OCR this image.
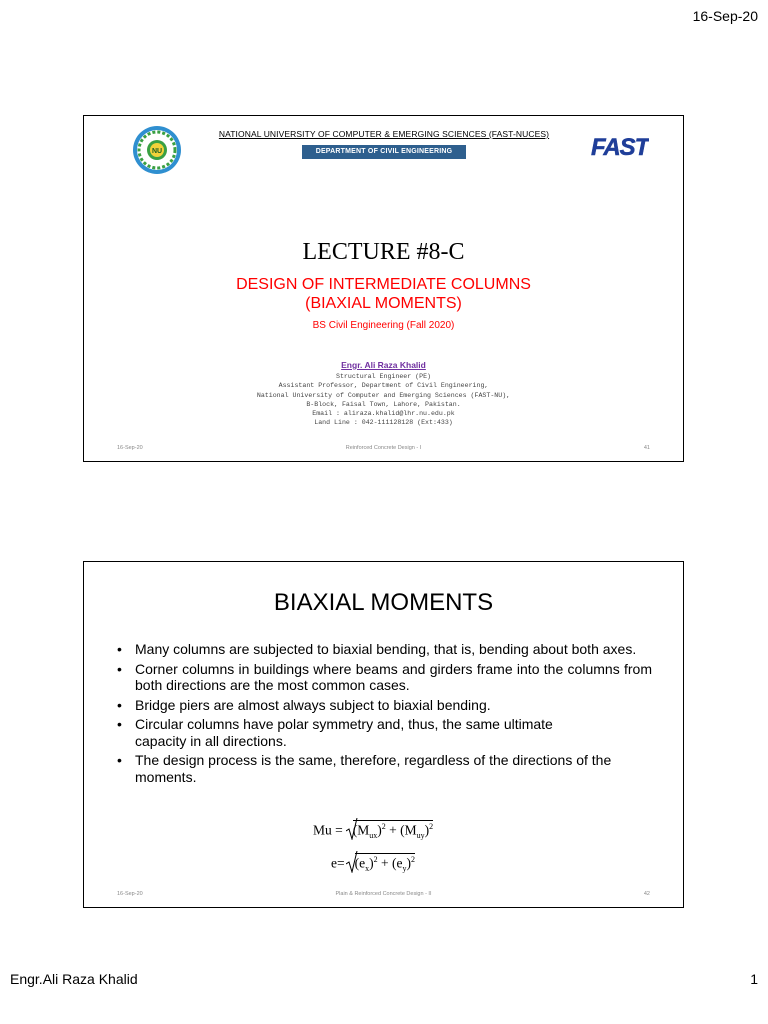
16-Sep-20
NU
NATIONAL UNIVERSITY OF COMPUTER & EMERGING SCIENCES (FAST-NUCES)
DEPARTMENT OF CIVIL ENGINEERING	FAST
LECTURE #8-C
DESIGN OF INTERMEDIATE COLUMNS
(BIAXIAL MOMENTS)
BS Civil Engineering (Fall 2020)
Engr. Ali Raza Khalid
Structural Engineer (PE)
Assistant Professor, Department of Civil Engineering,
National University of Computer and Emerging Sciences (FAST-NU),
B-Block, Faisal Town, Lahore, Pakistan.
Email : aliraza.khalid@lhr.nu.edu.pk
Land Line : 042-111128128 (Ext:433)
Reinforced Concrete Design - I
16-Sep-20	41
BIAXIAL MOMENTS
• Many columns are subjected to biaxial bending, that is, bending about both axes.
• Corner columns in buildings where beams and girders frame into the columns from both directions are the most common cases.
• Bridge piers are almost always subject to biaxial bending.
• Circular columns have polar symmetry and, thus, the same ultimate capacity in all directions.
• The design process is the same, therefore, regardless of the directions of the moments.
$Mu = (M_{ux})^2 + (M_{uy})^2$
$e= (e_x)^2 + (e_y)^2$
Plain & Reinforced Concrete Design - II
16-Sep-20	42
Engr.Ali Raza Khalid	1
